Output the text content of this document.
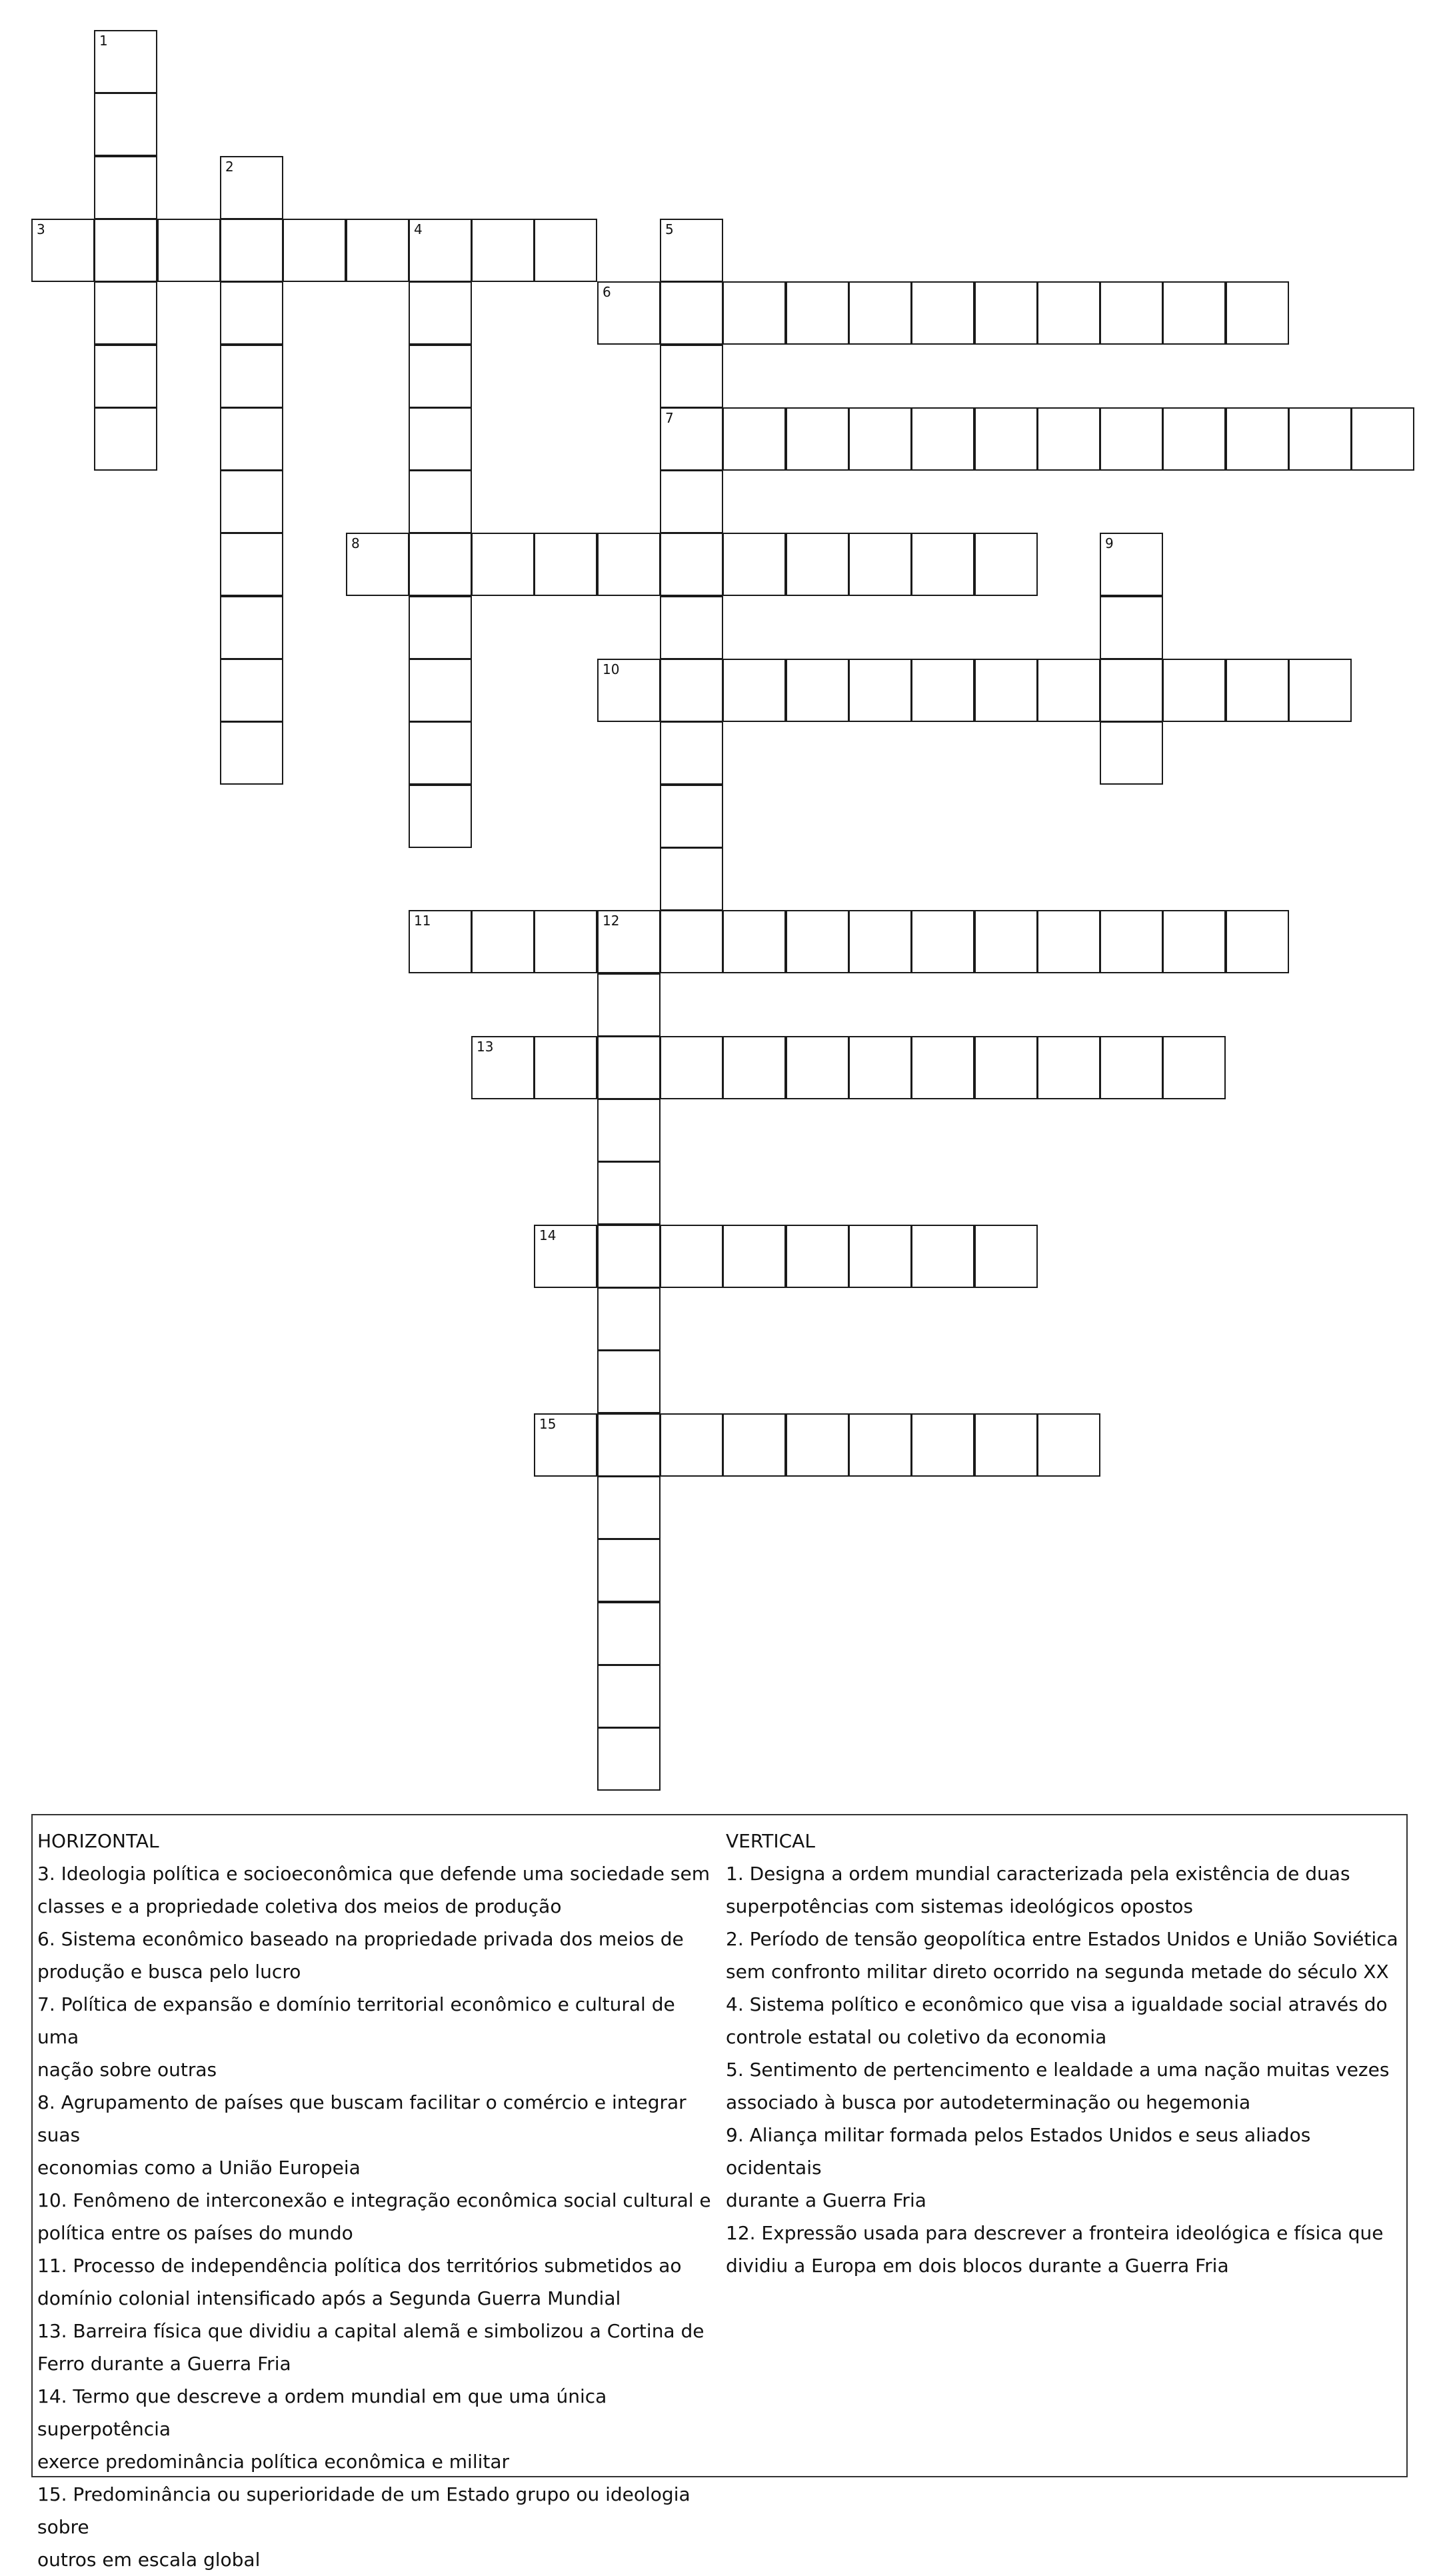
1
2
3	4	5
6
7
8	9
10
11	12
13
14
15
HORIZONTAL
3. Ideologia política e socioeconômica que defende uma sociedade sem
classes e a propriedade coletiva dos meios de produção
6. Sistema econômico baseado na propriedade privada dos meios de
produção e busca pelo lucro
7. Política de expansão e domínio territorial econômico e cultural de uma
nação sobre outras
8. Agrupamento de países que buscam facilitar o comércio e integrar suas
economias como a União Europeia
10. Fenômeno de interconexão e integração econômica social cultural e
política entre os países do mundo
11. Processo de independência política dos territórios submetidos ao
domínio colonial intensificado após a Segunda Guerra Mundial
13. Barreira física que dividiu a capital alemã e simbolizou a Cortina de
Ferro durante a Guerra Fria
14. Termo que descreve a ordem mundial em que uma única superpotência
exerce predominância política econômica e militar
15. Predominância ou superioridade de um Estado grupo ou ideologia sobre
outros em escala global
VERTICAL
1. Designa a ordem mundial caracterizada pela existência de duas
superpotências com sistemas ideológicos opostos
2. Período de tensão geopolítica entre Estados Unidos e União Soviética
sem confronto militar direto ocorrido na segunda metade do século XX
4. Sistema político e econômico que visa a igualdade social através do
controle estatal ou coletivo da economia
5. Sentimento de pertencimento e lealdade a uma nação muitas vezes
associado à busca por autodeterminação ou hegemonia
9. Aliança militar formada pelos Estados Unidos e seus aliados ocidentais
durante a Guerra Fria
12. Expressão usada para descrever a fronteira ideológica e física que
dividiu a Europa em dois blocos durante a Guerra Fria
